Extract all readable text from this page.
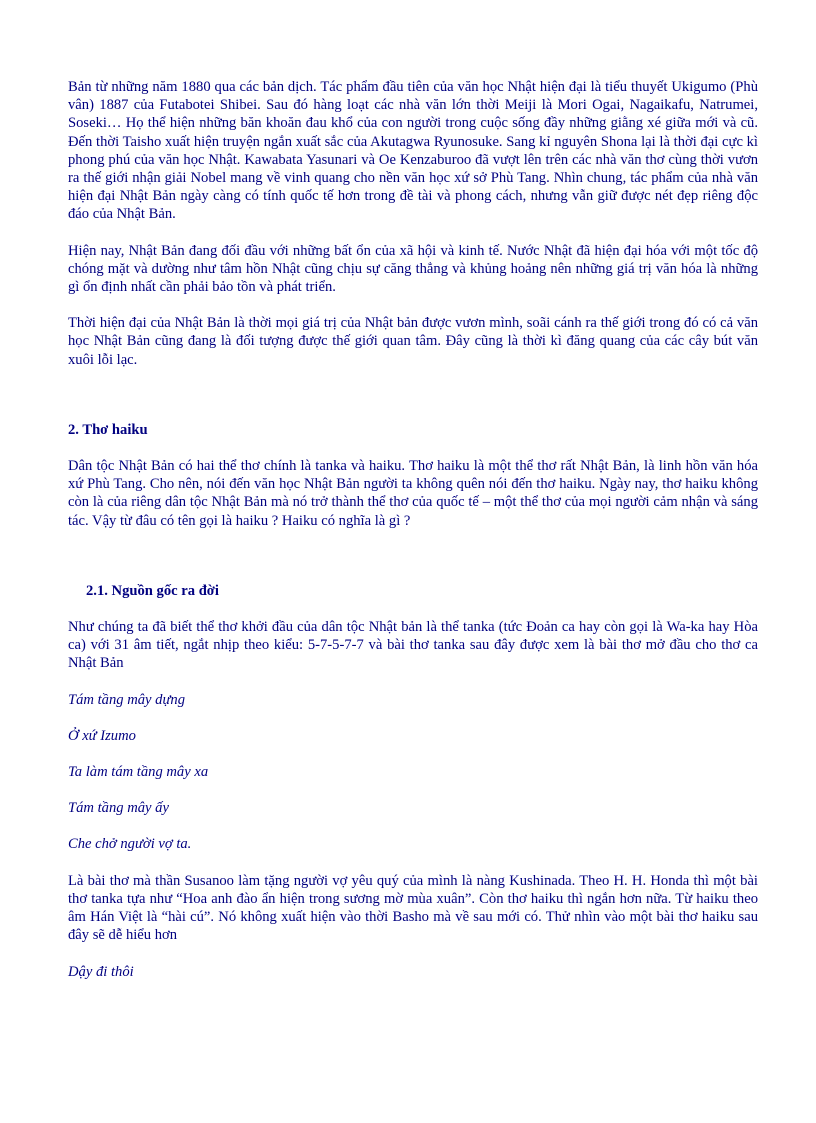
Bản từ những năm 1880 qua các bản dịch. Tác phẩm đầu tiên của văn học Nhật hiện đại là tiểu thuyết Ukigumo (Phù vân) 1887 của Futabotei Shibei. Sau đó hàng loạt các nhà văn lớn thời Meiji là Mori Ogai, Nagaikafu, Natrumei, Soseki… Họ thể hiện những băn khoăn đau khổ của con người trong cuộc sống đầy những giằng xé giữa mới và cũ. Đến thời Taisho xuất hiện truyện ngắn xuất sắc của Akutagwa Ryunosuke. Sang kỉ nguyên Shona lại là thời đại cực kì phong phú của văn học Nhật. Kawabata Yasunari và Oe Kenzaburoo đã vượt lên trên các nhà văn thơ cùng thời vươn ra thế giới nhận giải Nobel mang về vinh quang cho nền văn học xứ sở Phù Tang. Nhìn chung, tác phẩm của nhà văn hiện đại Nhật Bản ngày càng có tính quốc tế hơn trong đề tài và phong cách, nhưng vẫn giữ được nét đẹp riêng độc đáo của Nhật Bản.

Hiện nay, Nhật Bản đang đối đầu với những bất ổn của xã hội và kinh tế. Nước Nhật đã hiện đại hóa với một tốc độ chóng mặt và dường như tâm hồn Nhật cũng chịu sự căng thẳng và khủng hoảng nên những giá trị văn hóa là những gì ổn định nhất cần phải bảo tồn và phát triển.

Thời hiện đại của Nhật Bản là thời mọi giá trị của Nhật bản được vươn mình, soãi cánh ra thế giới trong đó có cả văn học Nhật Bản cũng đang là đối tượng được thế giới quan tâm. Đây cũng là thời kì đăng quang của các cây bút văn xuôi lỗi lạc.

2. Thơ haiku

Dân tộc Nhật Bản có hai thể thơ chính là tanka và haiku. Thơ haiku là một thể thơ rất Nhật Bản, là linh hồn văn hóa xứ Phù Tang. Cho nên, nói đến văn học Nhật Bản người ta không quên nói đến thơ haiku. Ngày nay, thơ haiku không còn là của riêng dân tộc Nhật Bản mà nó trở thành thể thơ của quốc tế – một thể thơ của mọi người cảm nhận và sáng tác. Vậy từ đâu có tên gọi là haiku ? Haiku có nghĩa là gì ?

2.1. Nguồn gốc ra đời

Như chúng ta đã biết thể thơ khởi đầu của dân tộc Nhật bản là thể tanka (tức Đoản ca hay còn gọi là Wa-ka hay Hòa ca) với 31 âm tiết, ngắt nhịp theo kiểu: 5-7-5-7-7 và bài thơ tanka sau đây được xem là bài thơ mở đầu cho thơ ca Nhật Bản

Tám tầng mây dựng

Ở xứ Izumo

Ta làm tám tầng mây xa

Tám tầng mây ấy

Che chở người vợ ta.

Là bài thơ mà thần Susanoo làm tặng người vợ yêu quý của mình là nàng Kushinada. Theo H. H. Honda thì một bài thơ tanka tựa như “Hoa anh đào ẩn hiện trong sương mờ mùa xuân”. Còn thơ haiku thì ngắn hơn nữa. Từ haiku theo âm Hán Việt là “hài cú”. Nó không xuất hiện vào thời Basho mà về sau mới có. Thử nhìn vào một bài thơ haiku sau đây sẽ dễ hiểu hơn

Dậy đi thôi
